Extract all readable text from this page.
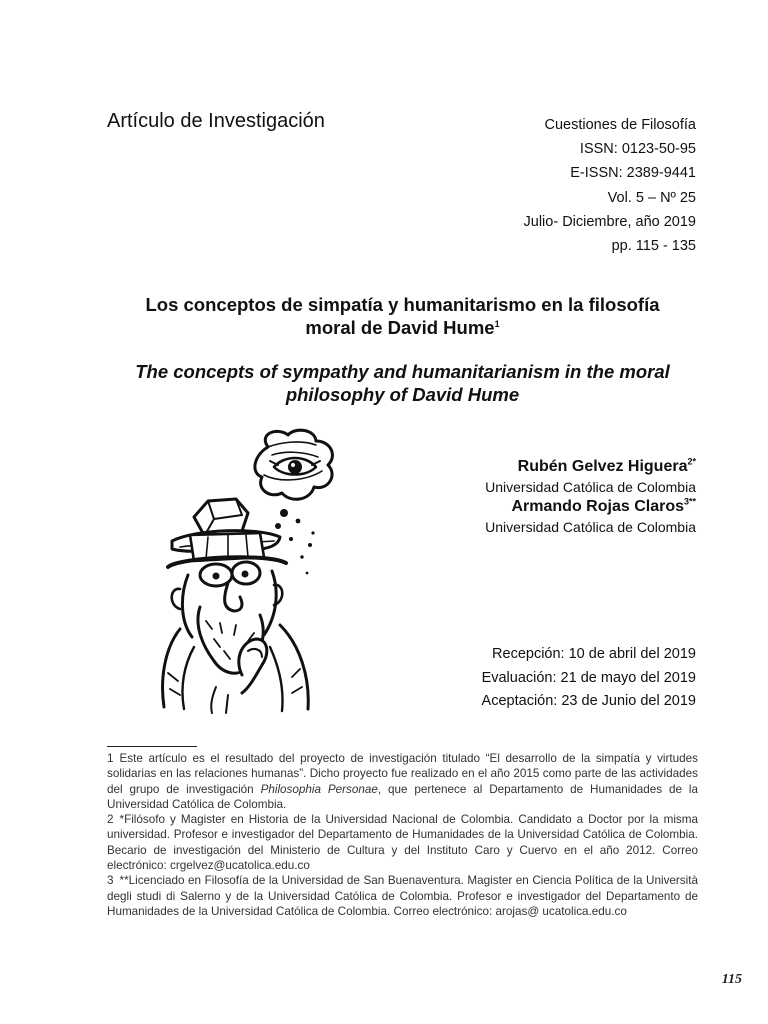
Artículo de Investigación	Cuestiones de Filosofía
ISSN: 0123-50-95
E-ISSN: 2389-9441
Vol. 5 – Nº 25
Julio- Diciembre, año 2019
pp. 115 - 135
Los conceptos de simpatía y humanitarismo en la filosofía
moral de David Hume$^1$
The concepts of sympathy and humanitarianism in the moral
philosophy of David Hume
Rubén Gelvez Higuera$^{2*}$
Universidad Católica de Colombia
Armando Rojas Claros$^{3**}$
Universidad Católica de Colombia
Recepción: 10 de abril del 2019
Evaluación: 21 de mayo del 2019
Aceptación: 23 de Junio del 2019
1 Este artículo es el resultado del proyecto de investigación titulado “El desarrollo de la simpatía y virtudes solidarias en las relaciones humanas”. Dicho proyecto fue realizado en el año 2015 como parte de las actividades del grupo de investigación Philosophia Personae, que pertenece al Departamento de Humanidades de la Universidad Católica de Colombia.
2 *Filósofo y Magister en Historia de la Universidad Nacional de Colombia. Candidato a Doctor por la misma universidad. Profesor e investigador del Departamento de Humanidades de la Universidad Católica de Colombia. Becario de investigación del Ministerio de Cultura y del Instituto Caro y Cuervo en el año 2012. Correo electrónico: crgelvez@ucatolica.edu.co
3 **Licenciado en Filosofía de la Universidad de San Buenaventura. Magister en Ciencia Política de la Università degli studi di Salerno y de la Universidad Católica de Colombia. Profesor e investigador del Departamento de Humanidades de la Universidad Católica de Colombia. Correo electrónico: arojas@ ucatolica.edu.co
115
